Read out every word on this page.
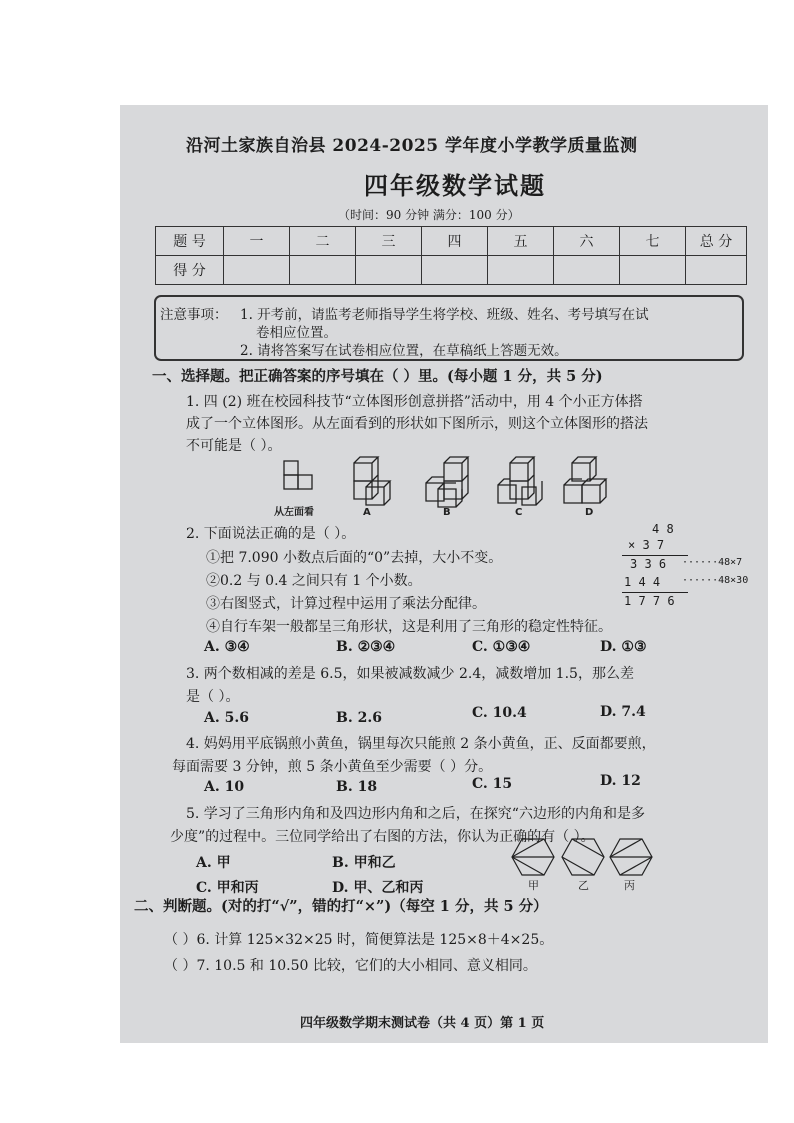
沿河土家族自治县 2024-2025 学年度小学教学质量监测
四年级数学试题
（时间：90 分钟 满分：100 分）
题 号	一	二	三	四	五	六	七	总 分
得 分								
注意事项： 1. 开考前，请监考老师指导学生将学校、班级、姓名、考号填写在试
卷相应位置。
2. 请将答案写在试卷相应位置，在草稿纸上答题无效。
一、选择题。把正确答案的序号填在（ ）里。(每小题 1 分，共 5 分)
1. 四 (2) 班在校园科技节“立体图形创意拼搭”活动中，用 4 个小正方体搭
成了一个立体图形。从左面看到的形状如下图所示，则这个立体图形的搭法
不可能是（ ）。
从左面看	A	B	C	D
2. 下面说法正确的是（ ）。
①把 7.090 小数点后面的“0”去掉，大小不变。
②0.2 与 0.4 之间只有 1 个小数。
③右图竖式，计算过程中运用了乘法分配律。
④自行车架一般都呈三角形状，这是利用了三角形的稳定性特征。
A. ③④	B. ②③④	C. ①③④	D. ①③
4 8
× 3 7
3 3 6 ······48×7
1 4 4 ······48×30
1 7 7 6
3. 两个数相减的差是 6.5，如果被减数减少 2.4，减数增加 1.5，那么差
是（ ）。
A. 5.6	B. 2.6	C. 10.4	D. 7.4
4. 妈妈用平底锅煎小黄鱼，锅里每次只能煎 2 条小黄鱼，正、反面都要煎，
每面需要 3 分钟，煎 5 条小黄鱼至少需要（ ）分。
A. 10	B. 18	C. 15	D. 12
5. 学习了三角形内角和及四边形内角和之后，在探究“六边形的内角和是多
少度”的过程中。三位同学给出了右图的方法，你认为正确的有（ ）。
A. 甲	B. 甲和乙
C. 甲和丙	D. 甲、乙和丙	甲	乙	丙
二、判断题。(对的打“√”，错的打“×”)（每空 1 分，共 5 分）
（ ）6. 计算 125×32×25 时，简便算法是 125×8＋4×25。
（ ）7. 10.5 和 10.50 比较，它们的大小相同、意义相同。
四年级数学期末测试卷（共 4 页）第 1 页
